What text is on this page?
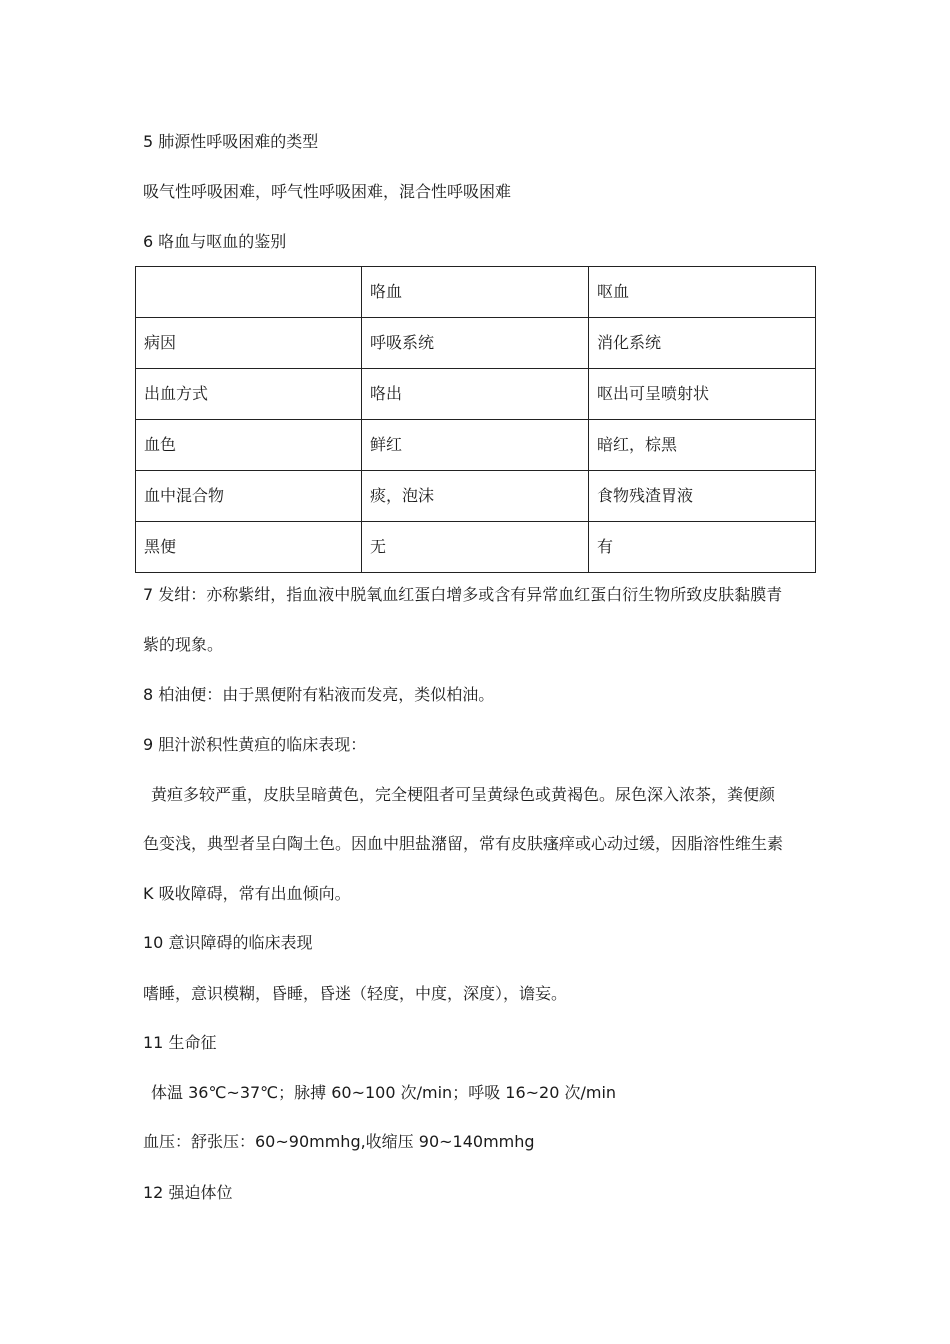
5 肺源性呼吸困难的类型
吸气性呼吸困难，呼气性呼吸困难，混合性呼吸困难
6 咯血与呕血的鉴别
	咯血	呕血
病因	呼吸系统	消化系统
出血方式	咯出	呕出可呈喷射状
血色	鲜红	暗红，棕黑
血中混合物	痰，泡沫	食物残渣胃液
黑便	无	有
7 发绀：亦称紫绀，指血液中脱氧血红蛋白增多或含有异常血红蛋白衍生物所致皮肤黏膜青
紫的现象。
8 柏油便：由于黑便附有粘液而发亮，类似柏油。
9 胆汁淤积性黄疸的临床表现：
黄疸多较严重，皮肤呈暗黄色，完全梗阻者可呈黄绿色或黄褐色。尿色深入浓茶，粪便颜
色变浅，典型者呈白陶土色。因血中胆盐潴留，常有皮肤瘙痒或心动过缓，因脂溶性维生素
K 吸收障碍，常有出血倾向。
10 意识障碍的临床表现
嗜睡，意识模糊，昏睡，昏迷（轻度，中度，深度），谵妄。
11 生命征
体温 36℃~37℃；脉搏 60~100 次/min；呼吸 16~20 次/min
血压：舒张压：60~90mmhg,收缩压 90~140mmhg
12 强迫体位
